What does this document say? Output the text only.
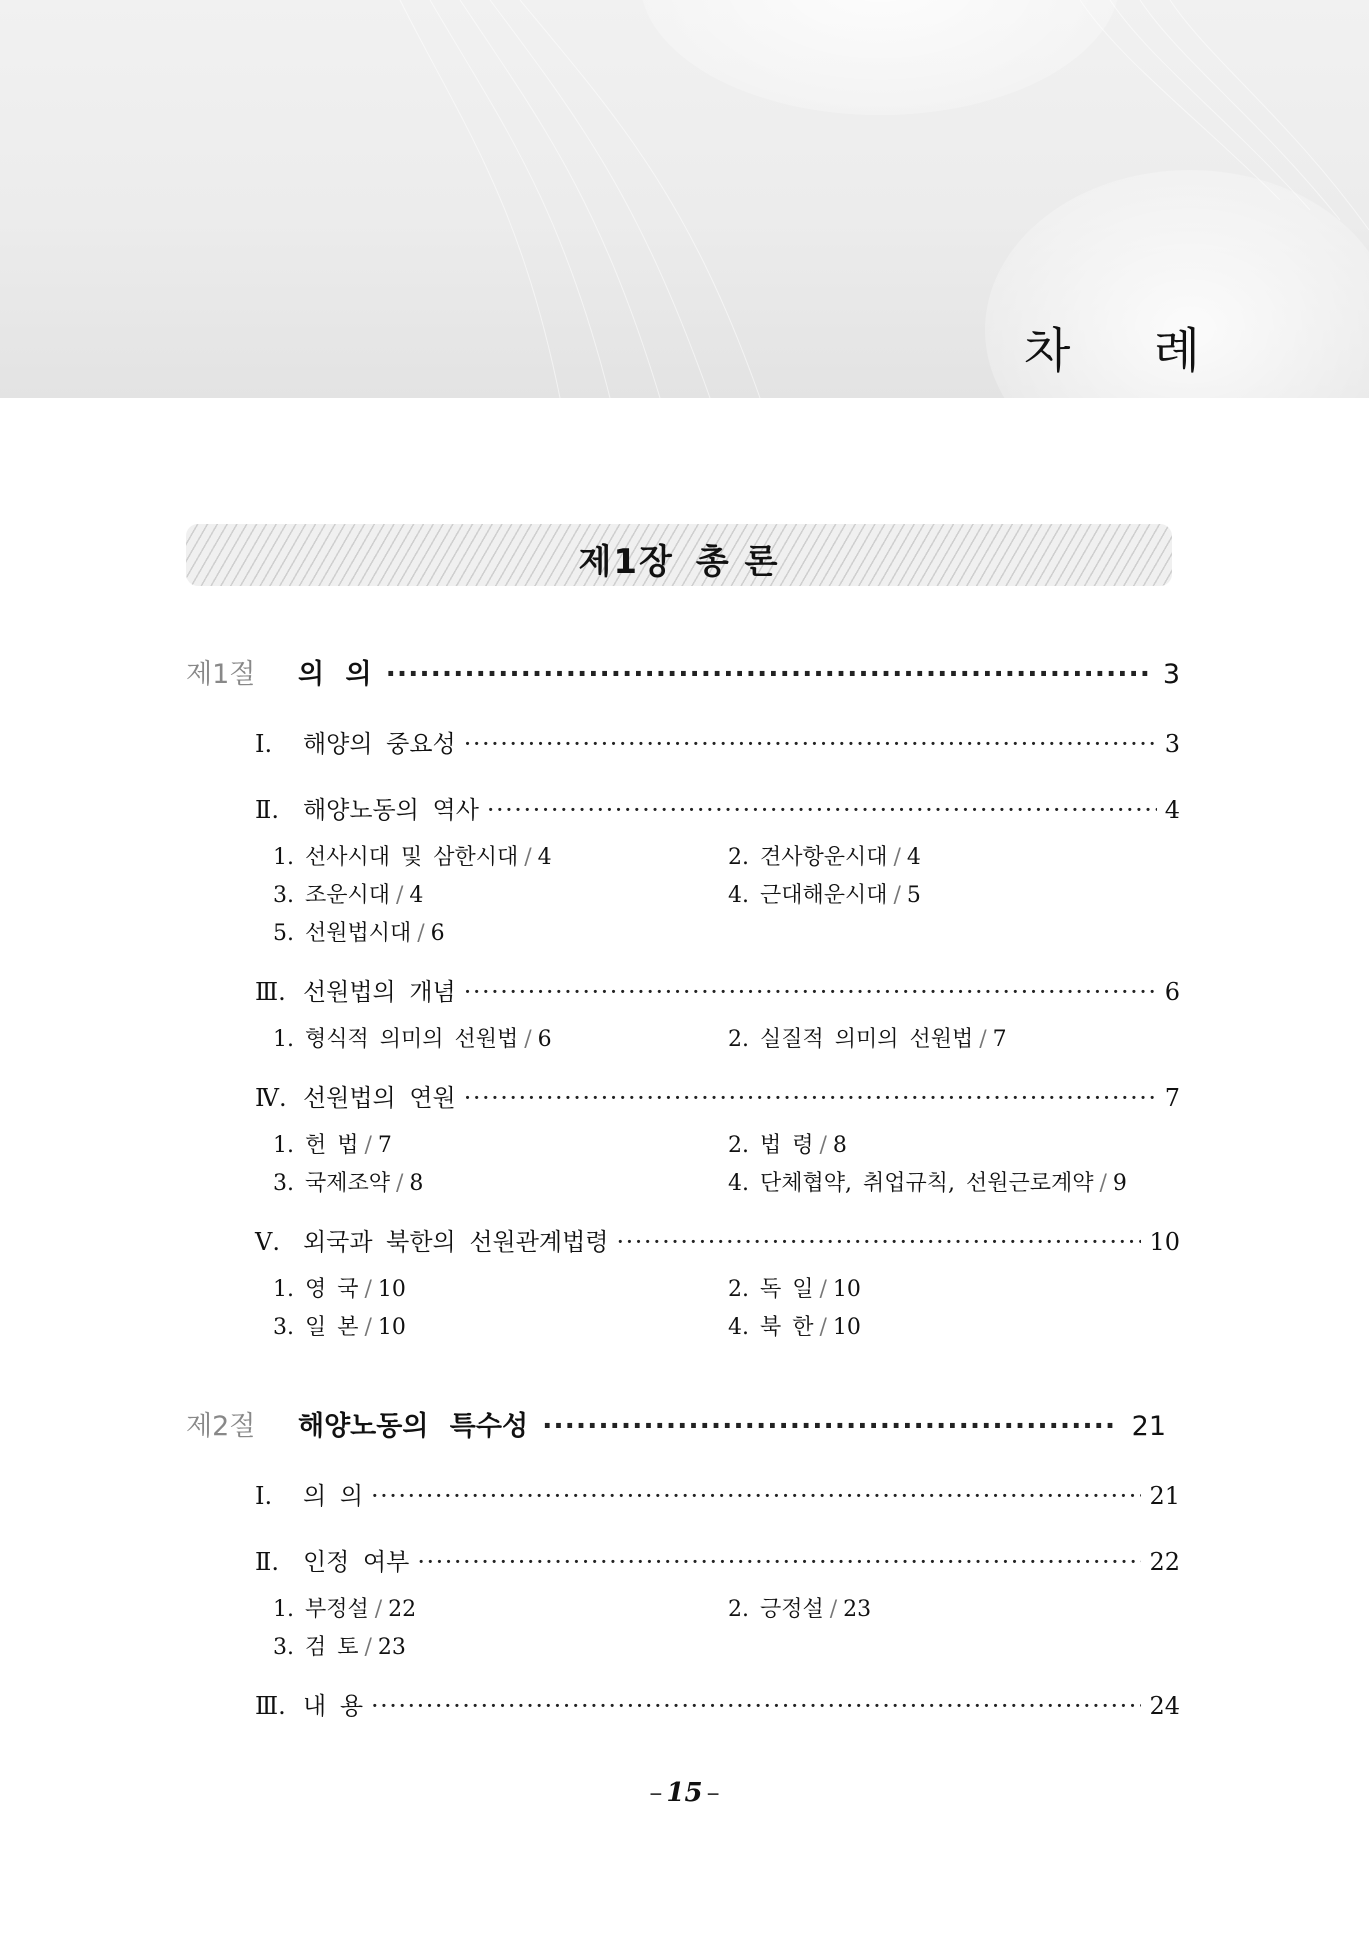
차 례
제1장 총 론
제1절	의 의 ·····	3
Ⅰ.	해양의 중요성 ·····	3
Ⅱ.	해양노동의 역사 ·····	4
1. 선사시대 및 삼한시대 / 4	2. 견사항운시대 / 4
3. 조운시대 / 4	4. 근대해운시대 / 5
5. 선원법시대 / 6
Ⅲ. 선원법의 개념 ·····	6
1. 형식적 의미의 선원법 / 6	2. 실질적 의미의 선원법 / 7
Ⅳ. 선원법의 연원 ·····	7
1. 헌 법 / 7	2. 법 령 / 8
3. 국제조약 / 8	4. 단체협약, 취업규칙, 선원근로계약 / 9
Ⅴ. 외국과 북한의 선원관계법령 ·····	10
1. 영 국 / 10	2. 독 일 / 10
3. 일 본 / 10	4. 북 한 / 10
제2절	해양노동의 특수성 ·····	21
Ⅰ.	의 의 ·····	21
Ⅱ.	인정 여부 ·····	22
1. 부정설 / 22	2. 긍정설 / 23
3. 검 토 / 23
Ⅲ. 내 용 ·····	24
– 15 –
